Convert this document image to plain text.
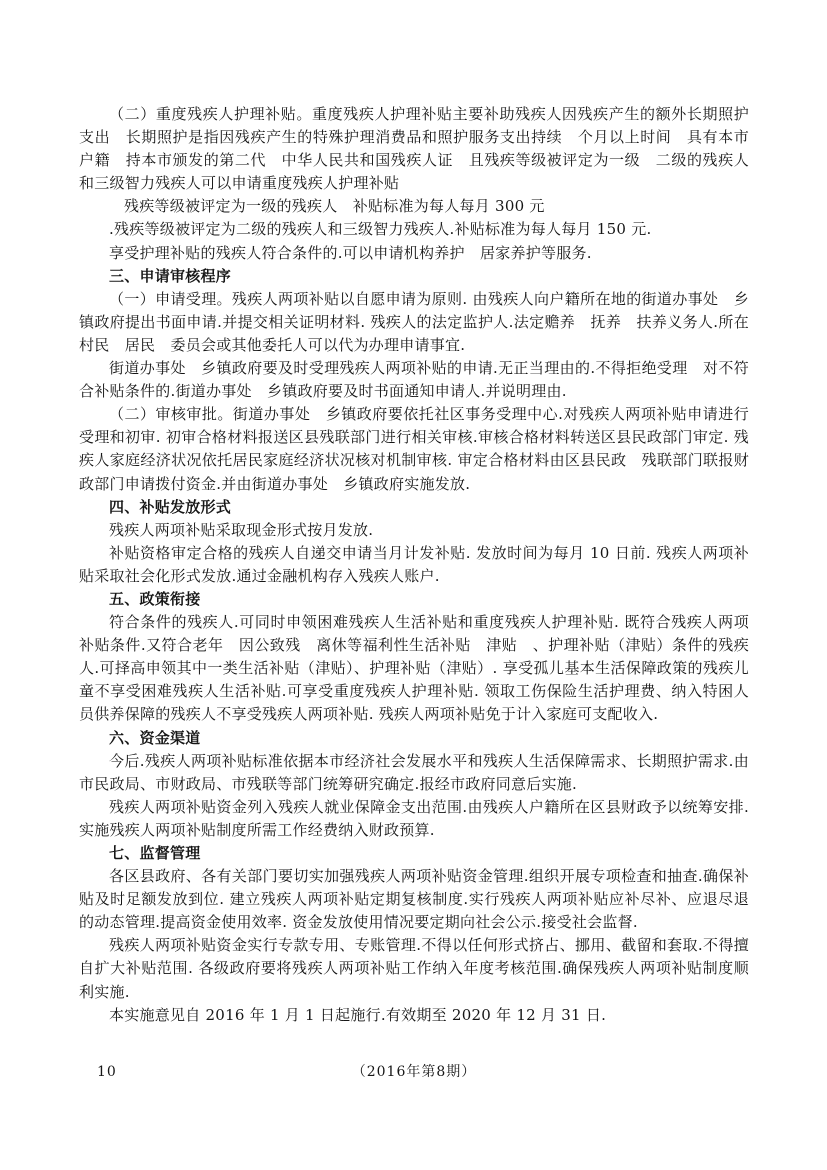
（二）重度残疾人护理补贴。重度残疾人护理补贴主要补助残疾人因残疾产生的额外长期照护支出　长期照护是指因残疾产生的特殊护理消费品和照护服务支出持续　个月以上时间　具有本市户籍　持本市颁发的第二代　中华人民共和国残疾人证　且残疾等级被评定为一级　二级的残疾人和三级智力残疾人可以申请重度残疾人护理补贴

残疾等级被评定为一级的残疾人　补贴标准为每人每月 300 元

.残疾等级被评定为二级的残疾人和三级智力残疾人.补贴标准为每人每月 150 元.

享受护理补贴的残疾人符合条件的.可以申请机构养护　居家养护等服务.

三、申请审核程序

（一）申请受理。残疾人两项补贴以自愿申请为原则. 由残疾人向户籍所在地的街道办事处　乡镇政府提出书面申请.并提交相关证明材料. 残疾人的法定监护人.法定赡养　抚养　扶养义务人.所在村民　居民　委员会或其他委托人可以代为办理申请事宜.

街道办事处　乡镇政府要及时受理残疾人两项补贴的申请.无正当理由的.不得拒绝受理　对不符合补贴条件的.街道办事处　乡镇政府要及时书面通知申请人.并说明理由.

（二）审核审批。街道办事处　乡镇政府要依托社区事务受理中心.对残疾人两项补贴申请进行受理和初审. 初审合格材料报送区县残联部门进行相关审核.审核合格材料转送区县民政部门审定. 残疾人家庭经济状况依托居民家庭经济状况核对机制审核. 审定合格材料由区县民政　残联部门联报财政部门申请拨付资金.并由街道办事处　乡镇政府实施发放.

四、补贴发放形式

残疾人两项补贴采取现金形式按月发放.

补贴资格审定合格的残疾人自递交申请当月计发补贴. 发放时间为每月 10 日前. 残疾人两项补贴采取社会化形式发放.通过金融机构存入残疾人账户.

五、政策衔接

符合条件的残疾人.可同时申领困难残疾人生活补贴和重度残疾人护理补贴. 既符合残疾人两项补贴条件.又符合老年　因公致残　离休等福利性生活补贴　津贴　、护理补贴（津贴）条件的残疾人.可择高申领其中一类生活补贴（津贴）、护理补贴（津贴）. 享受孤儿基本生活保障政策的残疾儿童不享受困难残疾人生活补贴.可享受重度残疾人护理补贴. 领取工伤保险生活护理费、纳入特困人员供养保障的残疾人不享受残疾人两项补贴. 残疾人两项补贴免于计入家庭可支配收入.

六、资金渠道

今后.残疾人两项补贴标准依据本市经济社会发展水平和残疾人生活保障需求、长期照护需求.由市民政局、市财政局、市残联等部门统筹研究确定.报经市政府同意后实施.

残疾人两项补贴资金列入残疾人就业保障金支出范围.由残疾人户籍所在区县财政予以统筹安排. 实施残疾人两项补贴制度所需工作经费纳入财政预算.

七、监督管理

各区县政府、各有关部门要切实加强残疾人两项补贴资金管理.组织开展专项检查和抽查.确保补贴及时足额发放到位. 建立残疾人两项补贴定期复核制度.实行残疾人两项补贴应补尽补、应退尽退的动态管理.提高资金使用效率. 资金发放使用情况要定期向社会公示.接受社会监督.

残疾人两项补贴资金实行专款专用、专账管理.不得以任何形式挤占、挪用、截留和套取.不得擅自扩大补贴范围. 各级政府要将残疾人两项补贴工作纳入年度考核范围.确保残疾人两项补贴制度顺利实施.

本实施意见自 2016 年 1 月 1 日起施行.有效期至 2020 年 12 月 31 日.

10	（2016年第8期）
